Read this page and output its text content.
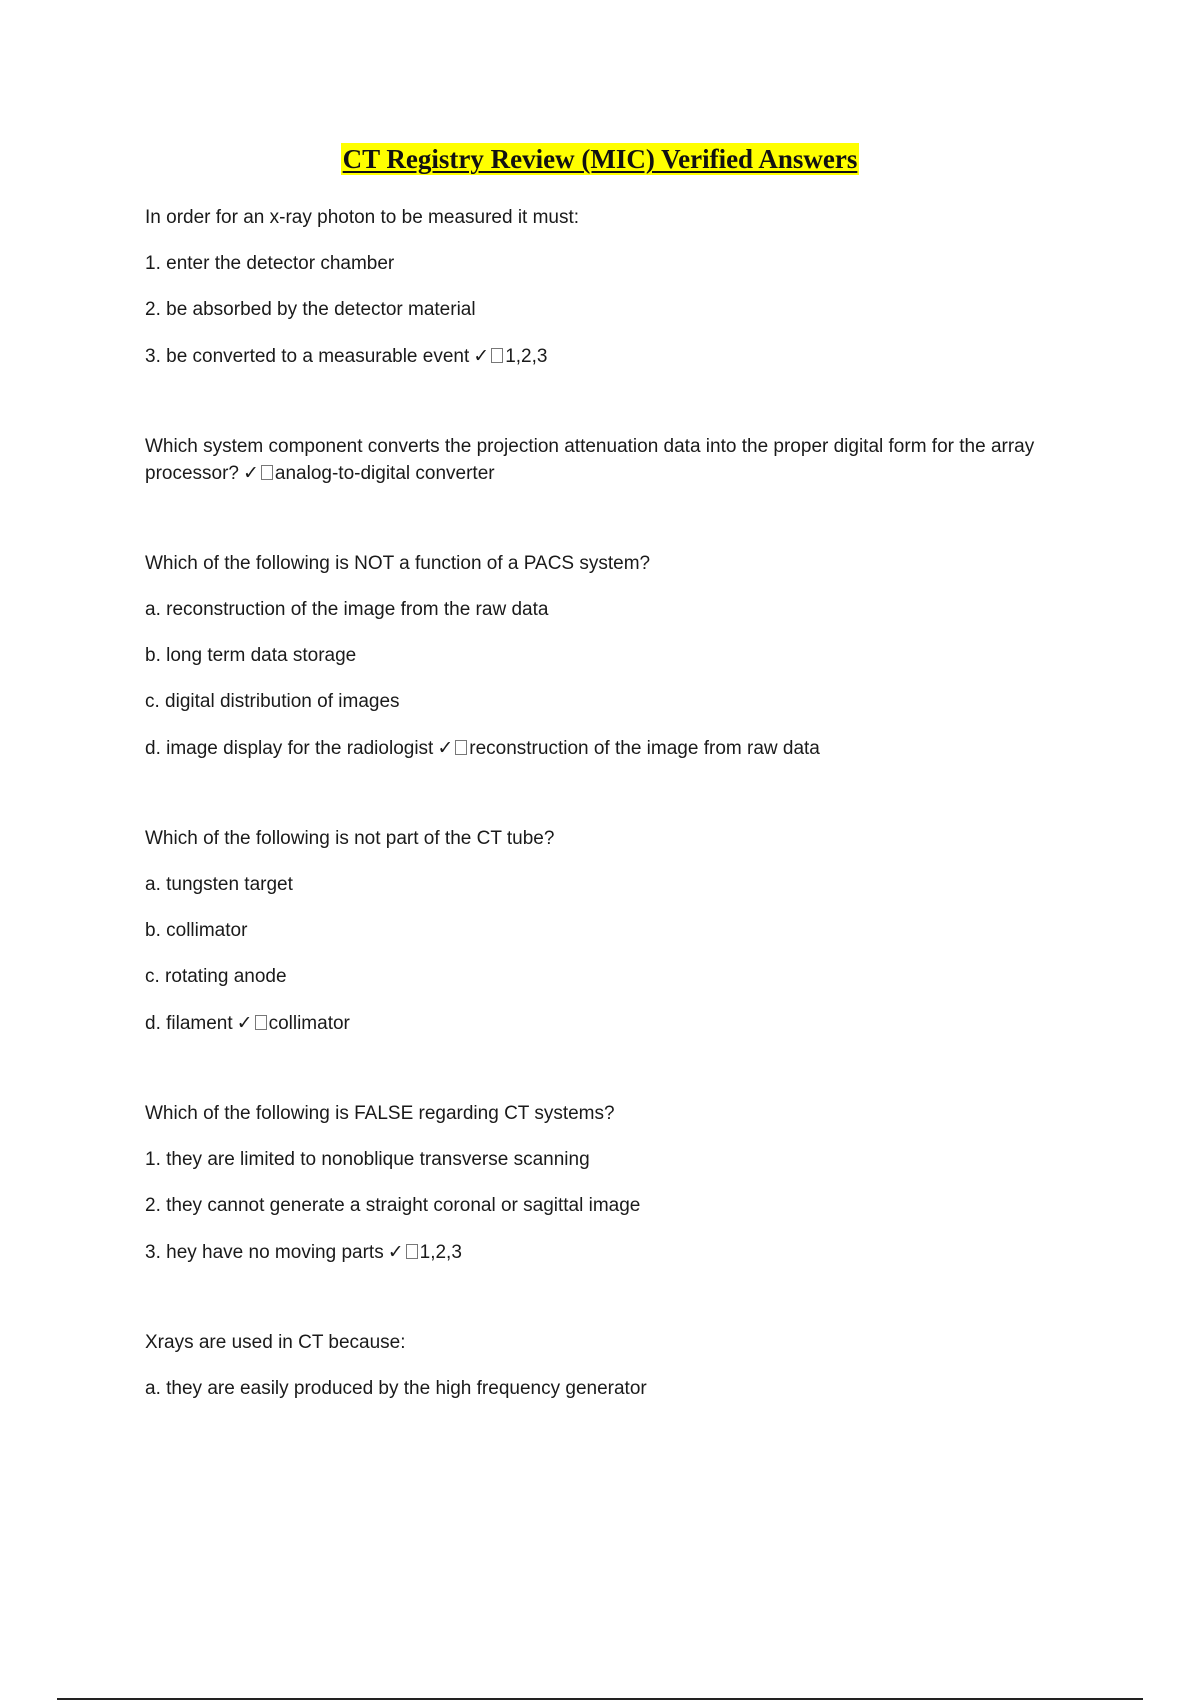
CT Registry Review (MIC) Verified Answers

In order for an x-ray photon to be measured it must:

1. enter the detector chamber

2. be absorbed by the detector material

3. be converted to a measurable event ✓ 1,2,3

Which system component converts the projection attenuation data into the proper digital form for the array processor? ✓ analog-to-digital converter

Which of the following is NOT a function of a PACS system?

a. reconstruction of the image from the raw data

b. long term data storage

c. digital distribution of images

d. image display for the radiologist ✓ reconstruction of the image from raw data

Which of the following is not part of the CT tube?

a. tungsten target

b. collimator

c. rotating anode

d. filament ✓ collimator

Which of the following is FALSE regarding CT systems?

1. they are limited to nonoblique transverse scanning

2. they cannot generate a straight coronal or sagittal image

3. hey have no moving parts ✓ 1,2,3

Xrays are used in CT because:

a. they are easily produced by the high frequency generator
